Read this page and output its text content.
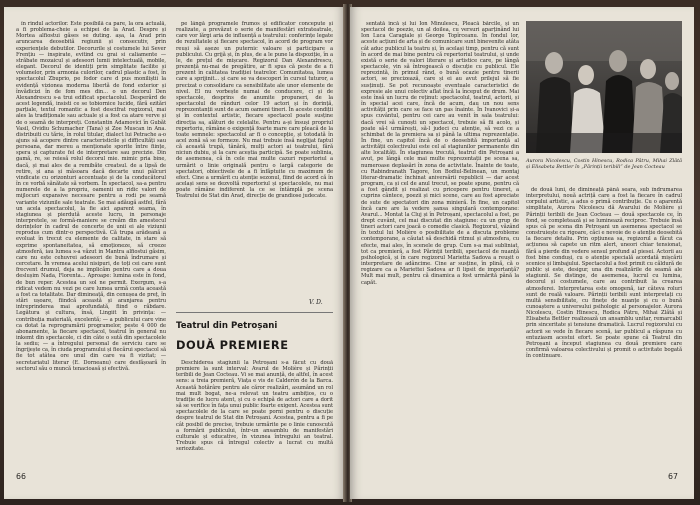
în rîndul actorilor. Este posibilă ca pare, la ora actuală, a fi problema-cheie a echipei de la Arad. Despre și Mortea alfiostui găses se duting. așa, la Arad prin aruncarea deosebită regiunii și consecutiv, prin experiențele debutilor. Decorurile și costumele lui Sever Frențiu — inspirate, evitind cu grai si caliamente — străbate mozaicul și adeseori lumii intelectuală, mobile, elegant. Decorul de identiți prin simplitate facilite și volumelor, prin armonia culorilor, cadrul plastic a fost, în spectacolul Zbuprio, pe fodor care d pus moniliștii la evidență vizionea moderna libertă de fond exterior și învădicizi în de fom mes din... o un decorul Den Alexandrescu s-a trui edificat spectacolul. Desperărd de acest legendă, insisti ce se tobiornice lucide, fără ezitări parțiale, textul romantic a fost descifrat regizoral, mai ales la tradiționale sau actuale și a fost ca atare verve și de o seamă de interpreți. Constantin Adamovici în Gubăt Vasil, Ovidiu Schumacher (Tana) și Zoe Muscan in Ana. distribuiti cu tărie, în rolul titular, dialect lui Petrache a-o ajuns să acopere dintre caracteristicile și difficultăți sau persoana, dar mereu a menționate sporite între ființe, spera și capturate fel de interpretare sau precizie. Din gamă, re, se reiesă rolul decorul mie. mimic pria bine, dacă, și mai ales de a remibăte creatsul. de a lipsă de retire, și ana și măsoara dacă decarte unui pâlcuri vindicate cu orizonturi accentuate și de la conducătorul în ce vorbă sănătate să vorbem. În spectacol, sa-a pentru numerele de a la propriu, oamenii un ridic valori de mijlocuri expansive necesare pentru a rodi pe seamă variante viziunile sale teatrale. Se mai adăugă astfel, fără un acela spectacolul, la fie aici aparent seama, în stagiunea și pierdută aceste lucru, in personaje interpretele, se formă-maniere se creăm din amestecul dorințelor în cadrul de concerte de unii ei ale viziunii reprodus cum dintr-o perspectivă. Că trupa arădeană a evoluat în trecut cu elemente de calitate, in stare să exprime spontaneitatea, să emoționeze, să creeze atmosferă, iau lumea s-a văzut in Mantra alfiostui găsim, care nu este cehuvrei adeseori de bună îndrumare și cercetare. În vremea acelui nisipuri, de toți cei care sunt frecvent drumul, deja ne implicăm pentru care a doua deslușim Nada, Florenta... Aproape: lumina este în fond, de bun reper. Acestea un sol ne permit. Exergum, s-a ridicat vedem nu vezi pe care lumea urmă conta această a fost ca totalitate. Dar dimineață, din cenușea de preț, în stări ușoare, fiindcă această și aranjarea pentru intreprinderea mai aprofundată, fiind o răbdare. Legătura și cultura, însă, Lingiit în privința: — contribuția materială, excelentă; — a publicului care vine ca dotat la reprogramării programelor, peste 4 000 de abonamente, la fiecare spectacol, teatrul în general nu inkemt din spectacole, ci din câte o sută din spectacolele la sediu; — a întregului personal de serviciu care se îngrijește ca, în ciuda programului și fiecărui spectacol să fie tot atâtea ore unul din care va fi vizitat; — secretariatul literar (E. Dorneanu) care desfășoară în sectorul său o muncă tenacioasă și efectivă.

pe lângă programele frumos și edificator concepute și realizate, a prevăzut o serie de manifestări extrateatrale, care vor lărgi aria de influență a teatrului: conferințe legate de rezultatele și fiecare spectacol, în acord de program vor reuși să așeze un puternic valoare și participare a publicului. Cu grijă și, în plus, de a le pune la dispoziție, în a le, de prețul de mișcare. Regizorul Dan Alexandrescu, prezență nu-mai de pregătire, ar fi spus că peste de a fi prezent în calitatea tradiției teatrelor. Comunitatea, lumea care a sprijinit... și care se va descoperi în cursul tuturor, a precizat o consolidare ca sensibilitate ale unor elemente de nivel. El nu vorbește numai de conducere, ci și de spectacole, desprins de anumite propuneri, de la spectacolul de rânduri celor 19 actori și în dorință, reprezentanții sunt de acum oameni tineri. În aceste condiții și în contextul artistic, fiecare spectacol poate susține direcția sa, alături de celelalte. Pentru a-și însuși propriul repertoriu, rămâne o exigență foarte mare care pleacă de la toate semnele: spectacolul ar fi o concepție, și totodată în acel zonă să se formeze. Nu mai trebuie însă neglijat faptul că această trupă, tânără, mulți actori ai teatrului, fără niciun dubiu, și la care aceștia participă. Se poate sublinia, de asemenea, că în cele mai multe cazuri repertoriul a urmărit o linie originală pentru o largă categorie de spectatori, obiectivele de a fi înfăptuite cu maximum de efect. Cine a urmărit cu atenție sezonul, fiind de acord că în același sens se dezvoltă repertoriul și spectacolele, nu mai poate rămâne indiferent la ce se întâmplă pe scena Teatrului de Stat din Arad, direcție de grandiose judecate.

V. D.
Teatrul din Petroșani
DOUĂ PREMIERE

Deschiderea stagiunii la Petroșani s-a făcut cu două premiere la sunt interval: Avarul de Molière și Părinții teribili de Jean Cocteau. Vi se mai anunță, de altfel, în acest sens: a treia premieră, Viața e vis de Calderón de la Barca. Această hotărâre pentru ale căror realizări, asumând un rol mai mult bogat, ne-a relevat un teatru ambițios, cu o tradiție de lucru atent, și cu o echipă de actori care a dorit să se verifice în fața unui public foarte exigent. Acestea sunt spectacolele de la care se poate porni pentru o discuție despre teatrul de Stat din Petroșani. Acestea, pentru a fi pe cât posibil de precise, trebuie urmărite pe o linie cunoscută a formării publicului, într-un ansamblu de manifestări culturale și educative, în vizunea întregului an teatral. Trebuie spus că întregul colectiv a lucrat cu multă seriozitate.

66

sentată încă și lui Ion Minulescu, Pleacă bărcile, și un spectacol de poezie, un al doilea, cu versuri aparținând lui Ion Luca Caragiale și George Topîrceanu. În fondul lor, aceste acțiuni de arta și de comunicare sunt binevenite atâta cât aduc publicul la teatru și, în același timp, pentru că sunt în acord de mai bine pentru că repertoriul teatrului, și unde există o serie de valori literare și artistice care, pe lângă spectacole, vin să întregească o discuție cu publicul. Ele reprezintă, în primul rând, o bună ocazie pentru tinerii actori, se precizează, care și ei au avut prilejul să fie susținuți. Se pot recunoaște eventuale caracteristici de expresie ale unui colectiv aflat încă la început de drum. Mai este însă un lucru de reținut: spectacolul, teatrul, actorii, și în special acei care, încă de acum, dau un nou sens activității prin care se face un pas înainte. În Ivanovici și-a spus cuvântul, pentru cei care au venit în sala teatrului: dacă vrei să cunoști un spectacol, trebuie să fii acolo, și poate să-l urmărești, să-l judeci cu atenție, să vezi ce a schimbat de la premiera sa și până la ultima reprezentație. În fine, un capitol încă de o deosebită importanță al activității colectivului este cel al stagiunilor permanente din alte localități. În stagiunea trecută, teatrul din Petroșani a avut, pe lângă cele mai multe reprezentații pe scena sa, numeroase deplasări în zona de activitate. Înainte de toate, cu Rabindranath Tagore, Ion Bodiul-Belinean, un montaj literar-dramatic închinat aniversării republicii — dar acest program, ca și cel de anul trecut, se poate spune, pentru că a fost gândit și realizat cu pricepere pentru tineret, a cuprins cântece, poezii și mici scene, care au fost apreciate de sute de spectatori din zona minieră. În fine, un capitol încă care are la vedere șansa singulară contemporane: Avarul... Montat la Cluj și în Petroșani, spectacolul a fost, pe drept cuvânt, cel mai discutat din stagiune: cu un grup de tineri actori care joacă o comedie clasică. Regizorul, văzând în textul lui Molière o posibilitate de a discuta probleme contemporane, a căutat să deschidă ritmul și atmosfera, cu efecte, mai ales, în scenele de grup. Cum s-a mai subliniat, tot ca premieră, a fost Părinții teribili, spectacol de nuanță psihologică, și în care regizorul Marietta Sadova a reușit o interpretare de adâncime. Cine ar susține, în plină, că o regizare ca a Mariettei Sadova ar fi lipsit de importanță? Mult mai mult, pentru că dinamica a fost urmărită până la capăt.

Aurora Nicolescu, Costin Hinescu, Rodica Pâtru, Mihai Zlătă și Elisabeta Bettler în „Părinții teribili” de Jean Cocteau

de două luni, de dimineață până seara, sub îndrumarea interpretului, nouă actriță care a fost la fiecare în cadrul corpului artistic, a adus o primă contribuție. Cu o aparentă simplitate, Aurora Nicolescu dă Avarului de Molière și Părinții teribili de Jean Cocteau — două spectacole ce, în fond, se completează și se luminează reciproc. Trebuie însă spus că pe scena din Petroșani un asemenea spectacol se construiește cu rigoare, căci e nevoie de o atenție deosebită la fiecare detaliu. Prin opțiunea sa, regizorul a făcut ca acțiunea să capete un ritm alert, uneori chiar tensionat, fără a pierde din vedere sensul profund al piesei. Actorii au fost bine conduși, cu o atenție specială acordată mișcării scenice și limbajului. Spectacolul a fost primit cu căldură de public și este, desigur, una din realizările de seamă ale stagiunii. Se distinge, de asemenea, lucrul cu lumina, decorul și costumele, care au contribuit la crearea atmosferei. Interpretarea este omogenă, iar câteva roluri sunt de reală valoare. Părinții teribili sunt interpretați cu multă sensibilitate, cu finețe de nuanțe și cu o bună cunoaștere a universului psihologic al personajelor. Aurora Nicolescu, Costin Hinescu, Rodica Pâtru, Mihai Zlătă și Elisabeta Bettler realizează un ansamblu unitar, remarcabil prin sinceritate și tensiune dramatică. Lucrul regizorului cu actorii se vede în fiecare scenă, iar publicul a răspuns cu entuziasm acestui efort. Se poate spune că Teatrul din Petroșani a început stagiunea cu două premiere care confirmă valoarea colectivului și promit o activitate bogată în continuare.

67
